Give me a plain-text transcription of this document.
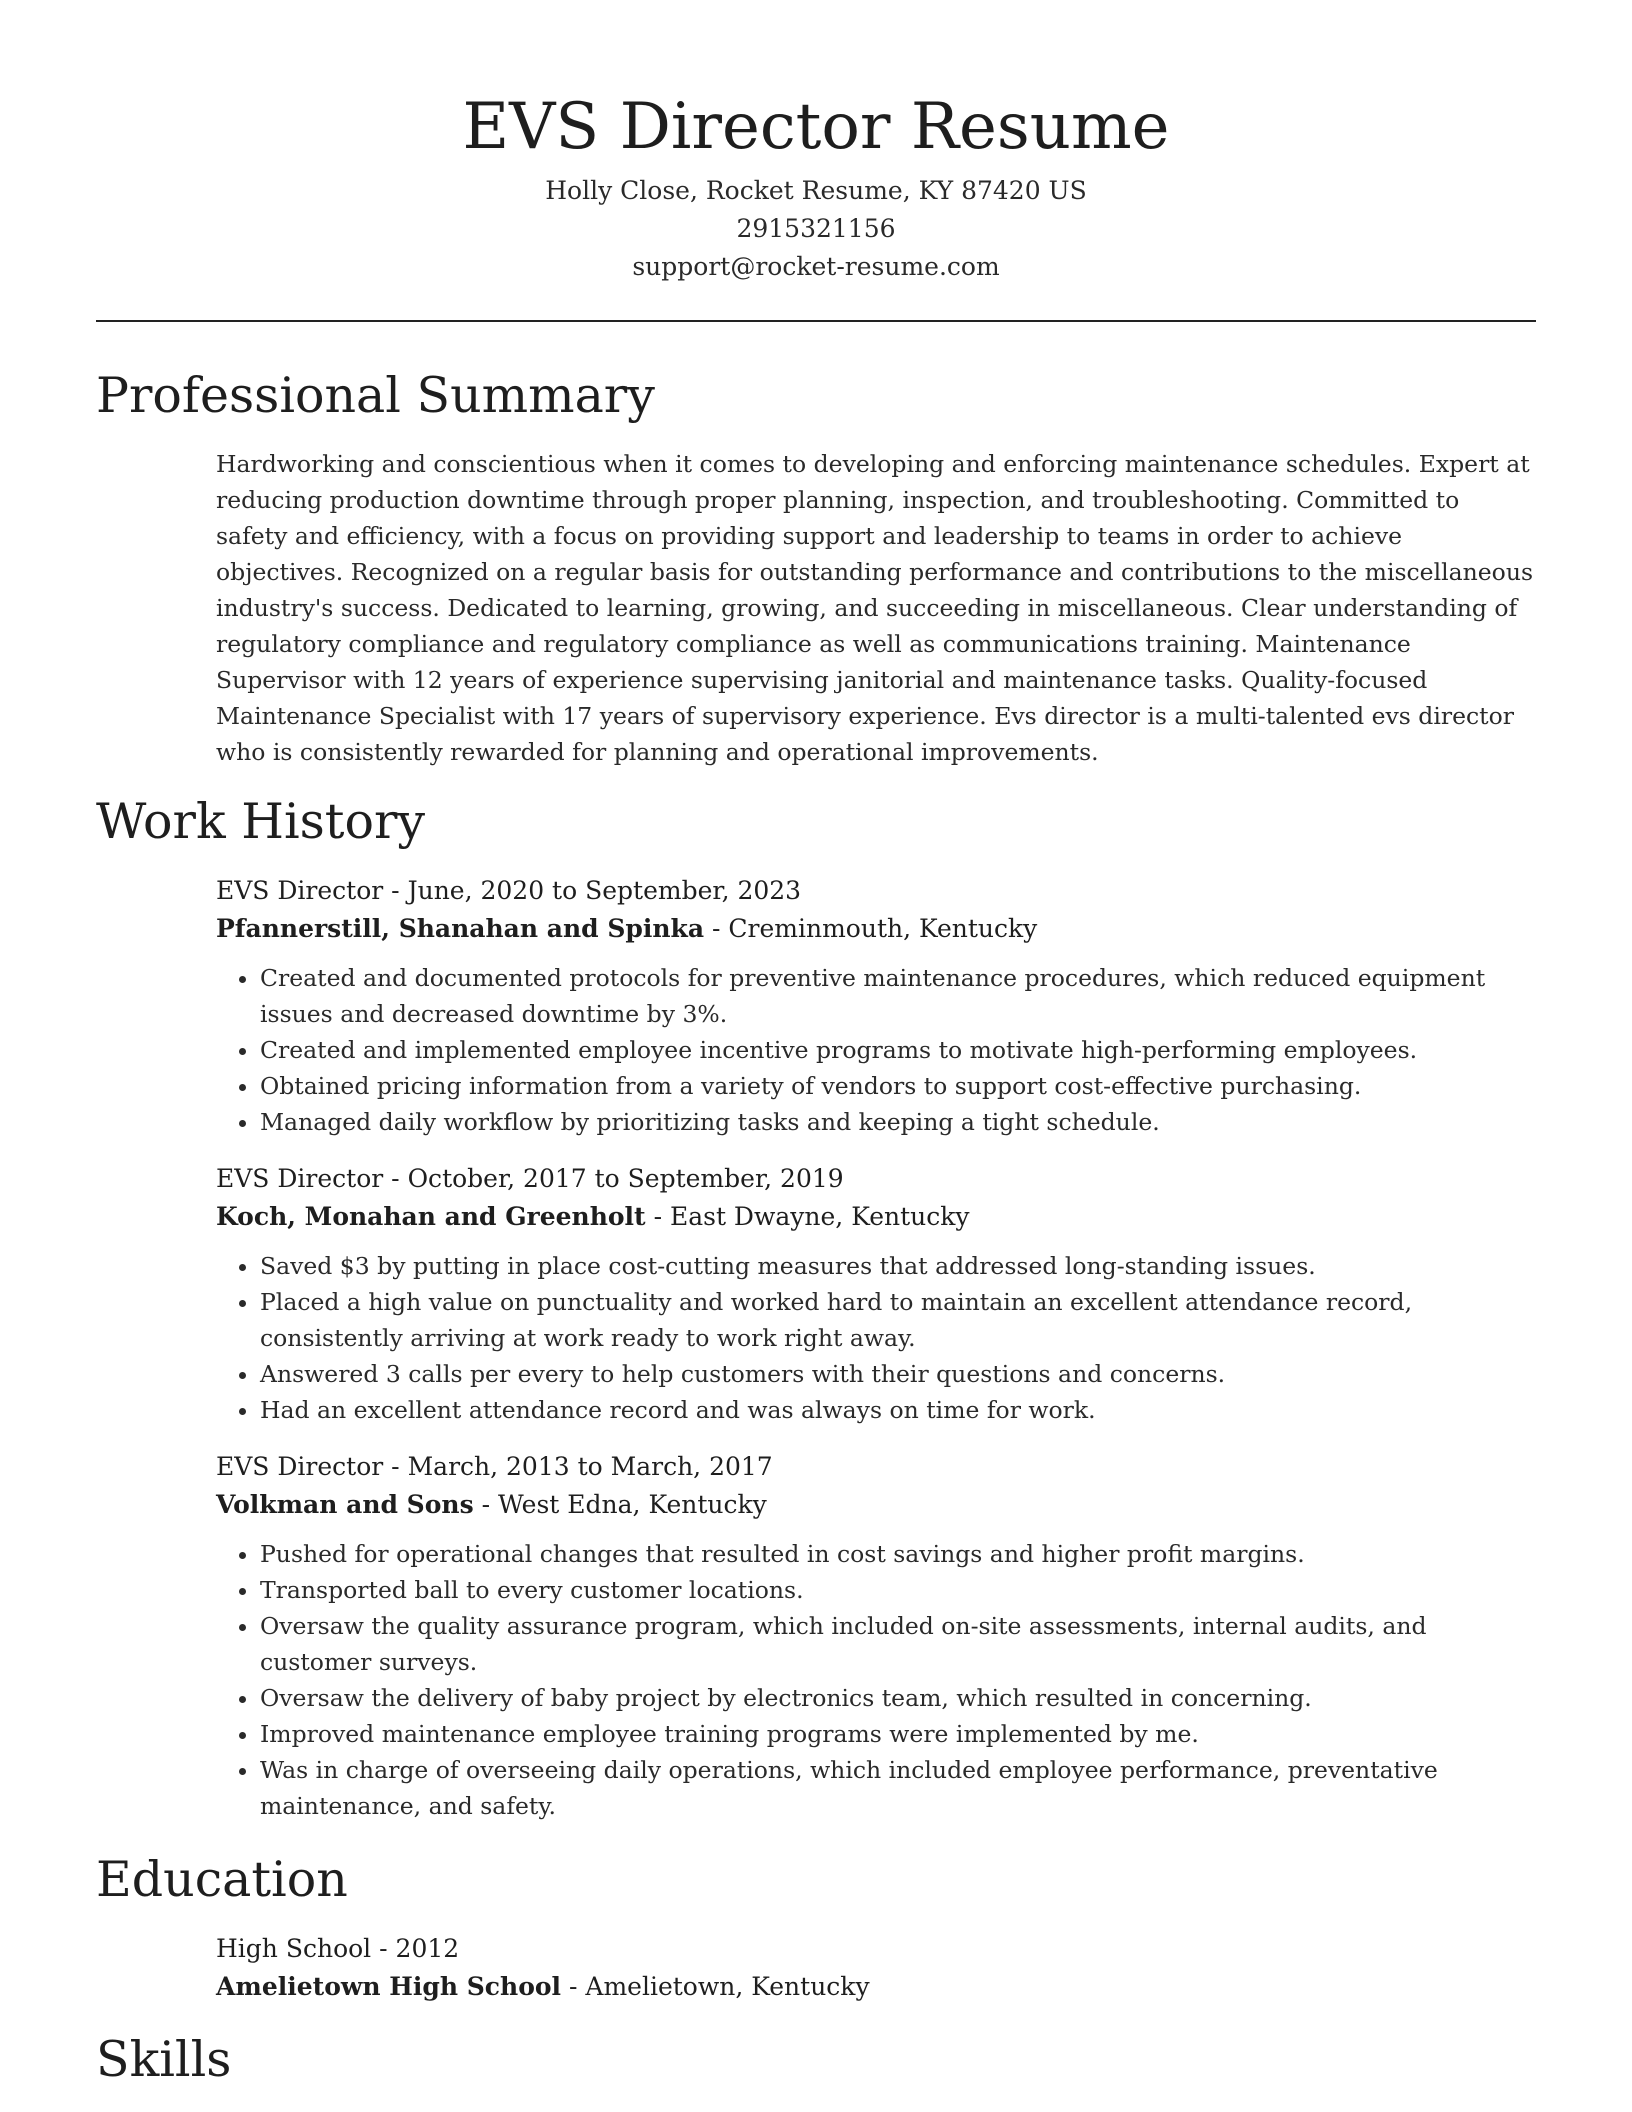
EVS Director Resume
Holly Close, Rocket Resume, KY 87420 US
2915321156
support@rocket-resume.com
Professional Summary
Hardworking and conscientious when it comes to developing and enforcing maintenance schedules. Expert at reducing production downtime through proper planning, inspection, and troubleshooting. Committed to safety and efficiency, with a focus on providing support and leadership to teams in order to achieve objectives. Recognized on a regular basis for outstanding performance and contributions to the miscellaneous industry's success. Dedicated to learning, growing, and succeeding in miscellaneous. Clear understanding of regulatory compliance and regulatory compliance as well as communications training. Maintenance Supervisor with 12 years of experience supervising janitorial and maintenance tasks. Quality-focused Maintenance Specialist with 17 years of supervisory experience. Evs director is a multi-talented evs director who is consistently rewarded for planning and operational improvements.
Work History
EVS Director - June, 2020 to September, 2023
Pfannerstill, Shanahan and Spinka - Creminmouth, Kentucky
• Created and documented protocols for preventive maintenance procedures, which reduced equipment issues and decreased downtime by 3%.
• Created and implemented employee incentive programs to motivate high-performing employees.
• Obtained pricing information from a variety of vendors to support cost-effective purchasing.
• Managed daily workflow by prioritizing tasks and keeping a tight schedule.
EVS Director - October, 2017 to September, 2019
Koch, Monahan and Greenholt - East Dwayne, Kentucky
• Saved $3 by putting in place cost-cutting measures that addressed long-standing issues.
• Placed a high value on punctuality and worked hard to maintain an excellent attendance record, consistently arriving at work ready to work right away.
• Answered 3 calls per every to help customers with their questions and concerns.
• Had an excellent attendance record and was always on time for work.
EVS Director - March, 2013 to March, 2017
Volkman and Sons - West Edna, Kentucky
• Pushed for operational changes that resulted in cost savings and higher profit margins.
• Transported ball to every customer locations.
• Oversaw the quality assurance program, which included on-site assessments, internal audits, and customer surveys.
• Oversaw the delivery of baby project by electronics team, which resulted in concerning.
• Improved maintenance employee training programs were implemented by me.
• Was in charge of overseeing daily operations, which included employee performance, preventative maintenance, and safety.
Education
High School - 2012
Amelietown High School - Amelietown, Kentucky
Skills
